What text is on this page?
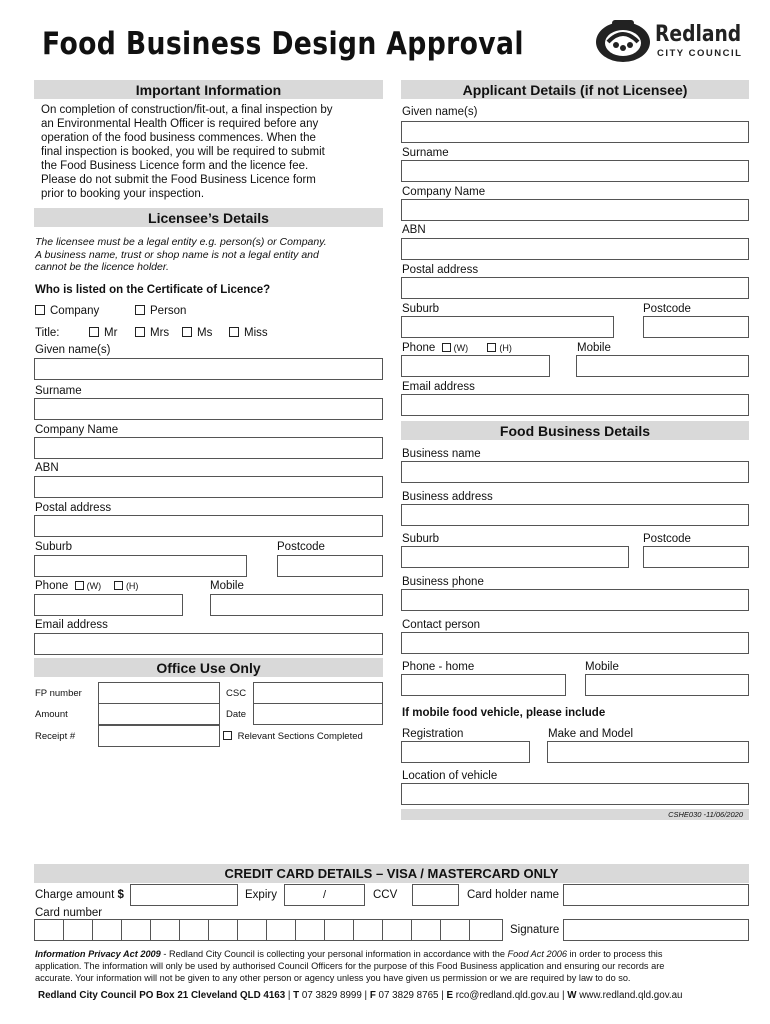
Food Business Design Approval	Redland
CITY COUNCIL
Important Information
On completion of construction/fit-out, a final inspection by
an Environmental Health Officer is required before any
operation of the food business commences. When the
final inspection is booked, you will be required to submit
the Food Business Licence form and the licence fee.
Please do not submit the Food Business Licence form
prior to booking your inspection.
Licensee’s Details
The licensee must be a legal entity e.g. person(s) or Company.
A business name, trust or shop name is not a legal entity and
cannot be the licence holder.
Who is listed on the Certificate of Licence?
Company	Person
Title:	Mr	Mrs	Ms	Miss
Given name(s)
Surname
Company Name
ABN
Postal address
Suburb	Postcode
Phone (W)	(H)	Mobile
Email address
Office Use Only
FP number	CSC
Amount	Date
Receipt #	Relevant Sections Completed
Applicant Details (if not Licensee)
Given name(s)
Surname
Company Name
ABN
Postal address
Suburb	Postcode
Phone (W)	(H)	Mobile
Email address
Food Business Details
Business name
Business address
Suburb	Postcode
Business phone
Contact person
Phone - home	Mobile
If mobile food vehicle, please include
Registration	Make and Model
Location of vehicle
CSHE030 -11/06/2020
CREDIT CARD DETAILS – VISA / MASTERCARD ONLY
Charge amount $	Expiry	/	CCV	Card holder name
Card number
Signature
Information Privacy Act 2009 - Redland City Council is collecting your personal information in accordance with the Food Act 2006 in order to process this
application. The information will only be used by authorised Council Officers for the purpose of this Food Business application and ensuring our records are
accurate. Your information will not be given to any other person or agency unless you have given us permission or we are required by law to do so.
Redland City Council PO Box 21 Cleveland QLD 4163 | T 07 3829 8999 | F 07 3829 8765 | E rco@redland.qld.gov.au | W www.redland.qld.gov.au
